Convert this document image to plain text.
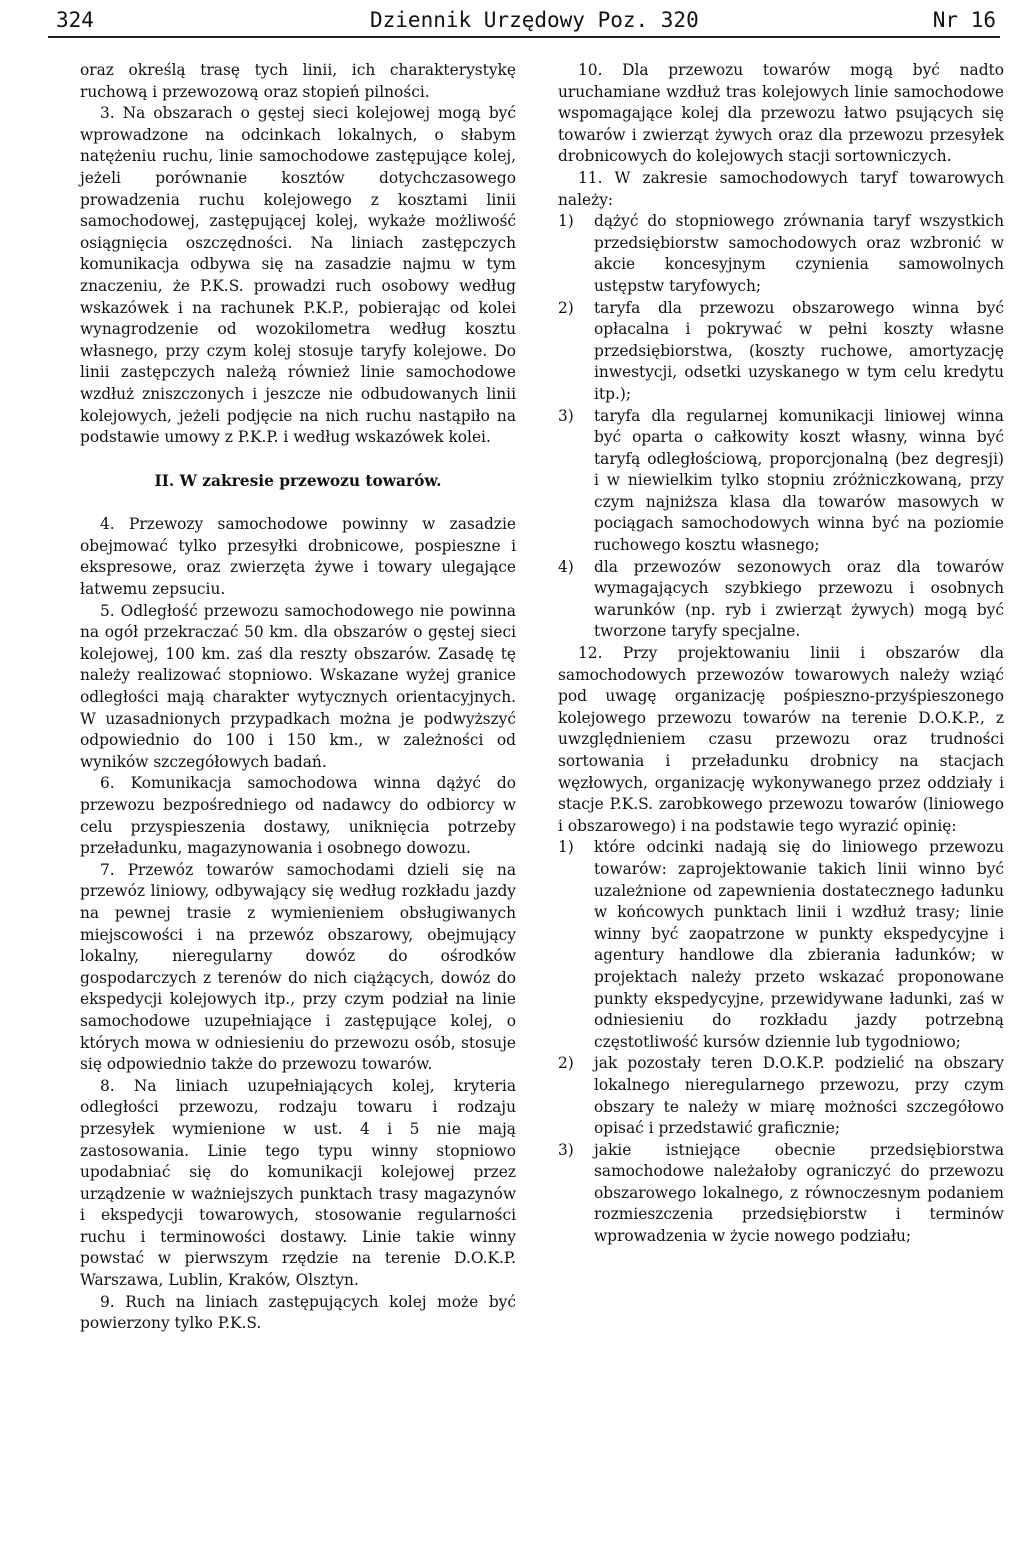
324	Dziennik Urzędowy Poz. 320	Nr 16

oraz określą trasę tych linii, ich charakterystykę ruchową i przewozową oraz stopień pilności.

3. Na obszarach o gęstej sieci kolejowej mogą być wprowadzone na odcinkach lokalnych, o słabym natężeniu ruchu, linie samochodowe zastępujące kolej, jeżeli porównanie kosztów dotychczasowego prowadzenia ruchu kolejowego z kosztami linii samochodowej, zastępującej kolej, wykaże możliwość osiągnięcia oszczędności. Na liniach zastępczych komunikacja odbywa się na zasadzie najmu w tym znaczeniu, że P.K.S. prowadzi ruch osobowy według wskazówek i na rachunek P.K.P., pobierając od kolei wynagrodzenie od wozokilometra według kosztu własnego, przy czym kolej stosuje taryfy kolejowe. Do linii zastępczych należą również linie samochodowe wzdłuż zniszczonych i jeszcze nie odbudowanych linii kolejowych, jeżeli podjęcie na nich ruchu nastąpiło na podstawie umowy z P.K.P. i według wskazówek kolei.

II. W zakresie przewozu towarów.

4. Przewozy samochodowe powinny w zasadzie obejmować tylko przesyłki drobnicowe, pospieszne i ekspresowe, oraz zwierzęta żywe i towary ulegające łatwemu zepsuciu.

5. Odległość przewozu samochodowego nie powinna na ogół przekraczać 50 km. dla obszarów o gęstej sieci kolejowej, 100 km. zaś dla reszty obszarów. Zasadę tę należy realizować stopniowo. Wskazane wyżej granice odległości mają charakter wytycznych orientacyjnych. W uzasadnionych przypadkach można je podwyższyć odpowiednio do 100 i 150 km., w zależności od wyników szczegółowych badań.

6. Komunikacja samochodowa winna dążyć do przewozu bezpośredniego od nadawcy do odbiorcy w celu przyspieszenia dostawy, uniknięcia potrzeby przeładunku, magazynowania i osobnego dowozu.

7. Przewóz towarów samochodami dzieli się na przewóz liniowy, odbywający się według rozkładu jazdy na pewnej trasie z wymienieniem obsługiwanych miejscowości i na przewóz obszarowy, obejmujący lokalny, nieregularny dowóz do ośrodków gospodarczych z terenów do nich ciążących, dowóz do ekspedycji kolejowych itp., przy czym podział na linie samochodowe uzupełniające i zastępujące kolej, o których mowa w odniesieniu do przewozu osób, stosuje się odpowiednio także do przewozu towarów.

8. Na liniach uzupełniających kolej, kryteria odległości przewozu, rodzaju towaru i rodzaju przesyłek wymienione w ust. 4 i 5 nie mają zastosowania. Linie tego typu winny stopniowo upodabniać się do komunikacji kolejowej przez urządzenie w ważniejszych punktach trasy magazynów i ekspedycji towarowych, stosowanie regularności ruchu i terminowości dostawy. Linie takie winny powstać w pierwszym rzędzie na terenie D.O.K.P. Warszawa, Lublin, Kraków, Olsztyn.

9. Ruch na liniach zastępujących kolej może być powierzony tylko P.K.S.

10. Dla przewozu towarów mogą być nadto uruchamiane wzdłuż tras kolejowych linie samochodowe wspomagające kolej dla przewozu łatwo psujących się towarów i zwierząt żywych oraz dla przewozu przesyłek drobnicowych do kolejowych stacji sortowniczych.

11. W zakresie samochodowych taryf towarowych należy:

1) dążyć do stopniowego zrównania taryf wszystkich przedsiębiorstw samochodowych oraz wzbronić w akcie koncesyjnym czynienia samowolnych ustępstw taryfowych;

2) taryfa dla przewozu obszarowego winna być opłacalna i pokrywać w pełni koszty własne przedsiębiorstwa, (koszty ruchowe, amortyzację inwestycji, odsetki uzyskanego w tym celu kredytu itp.);

3) taryfa dla regularnej komunikacji liniowej winna być oparta o całkowity koszt własny, winna być taryfą odległościową, proporcjonalną (bez degresji) i w niewielkim tylko stopniu zróżniczkowaną, przy czym najniższa klasa dla towarów masowych w pociągach samochodowych winna być na poziomie ruchowego kosztu własnego;

4) dla przewozów sezonowych oraz dla towarów wymagających szybkiego przewozu i osobnych warunków (np. ryb i zwierząt żywych) mogą być tworzone taryfy specjalne.

12. Przy projektowaniu linii i obszarów dla samochodowych przewozów towarowych należy wziąć pod uwagę organizację pośpieszno-przyśpieszonego kolejowego przewozu towarów na terenie D.O.K.P., z uwzględnieniem czasu przewozu oraz trudności sortowania i przeładunku drobnicy na stacjach węzłowych, organizację wykonywanego przez oddziały i stacje P.K.S. zarobkowego przewozu towarów (liniowego i obszarowego) i na podstawie tego wyrazić opinię:

1) które odcinki nadają się do liniowego przewozu towarów: zaprojektowanie takich linii winno być uzależnione od zapewnienia dostatecznego ładunku w końcowych punktach linii i wzdłuż trasy; linie winny być zaopatrzone w punkty ekspedycyjne i agentury handlowe dla zbierania ładunków; w projektach należy przeto wskazać proponowane punkty ekspedycyjne, przewidywane ładunki, zaś w odniesieniu do rozkładu jazdy potrzebną częstotliwość kursów dziennie lub tygodniowo;

2) jak pozostały teren D.O.K.P. podzielić na obszary lokalnego nieregularnego przewozu, przy czym obszary te należy w miarę możności szczegółowo opisać i przedstawić graficznie;

3) jakie istniejące obecnie przedsiębiorstwa samochodowe należałoby ograniczyć do przewozu obszarowego lokalnego, z równoczesnym podaniem rozmieszczenia przedsiębiorstw i terminów wprowadzenia w życie nowego podziału;
